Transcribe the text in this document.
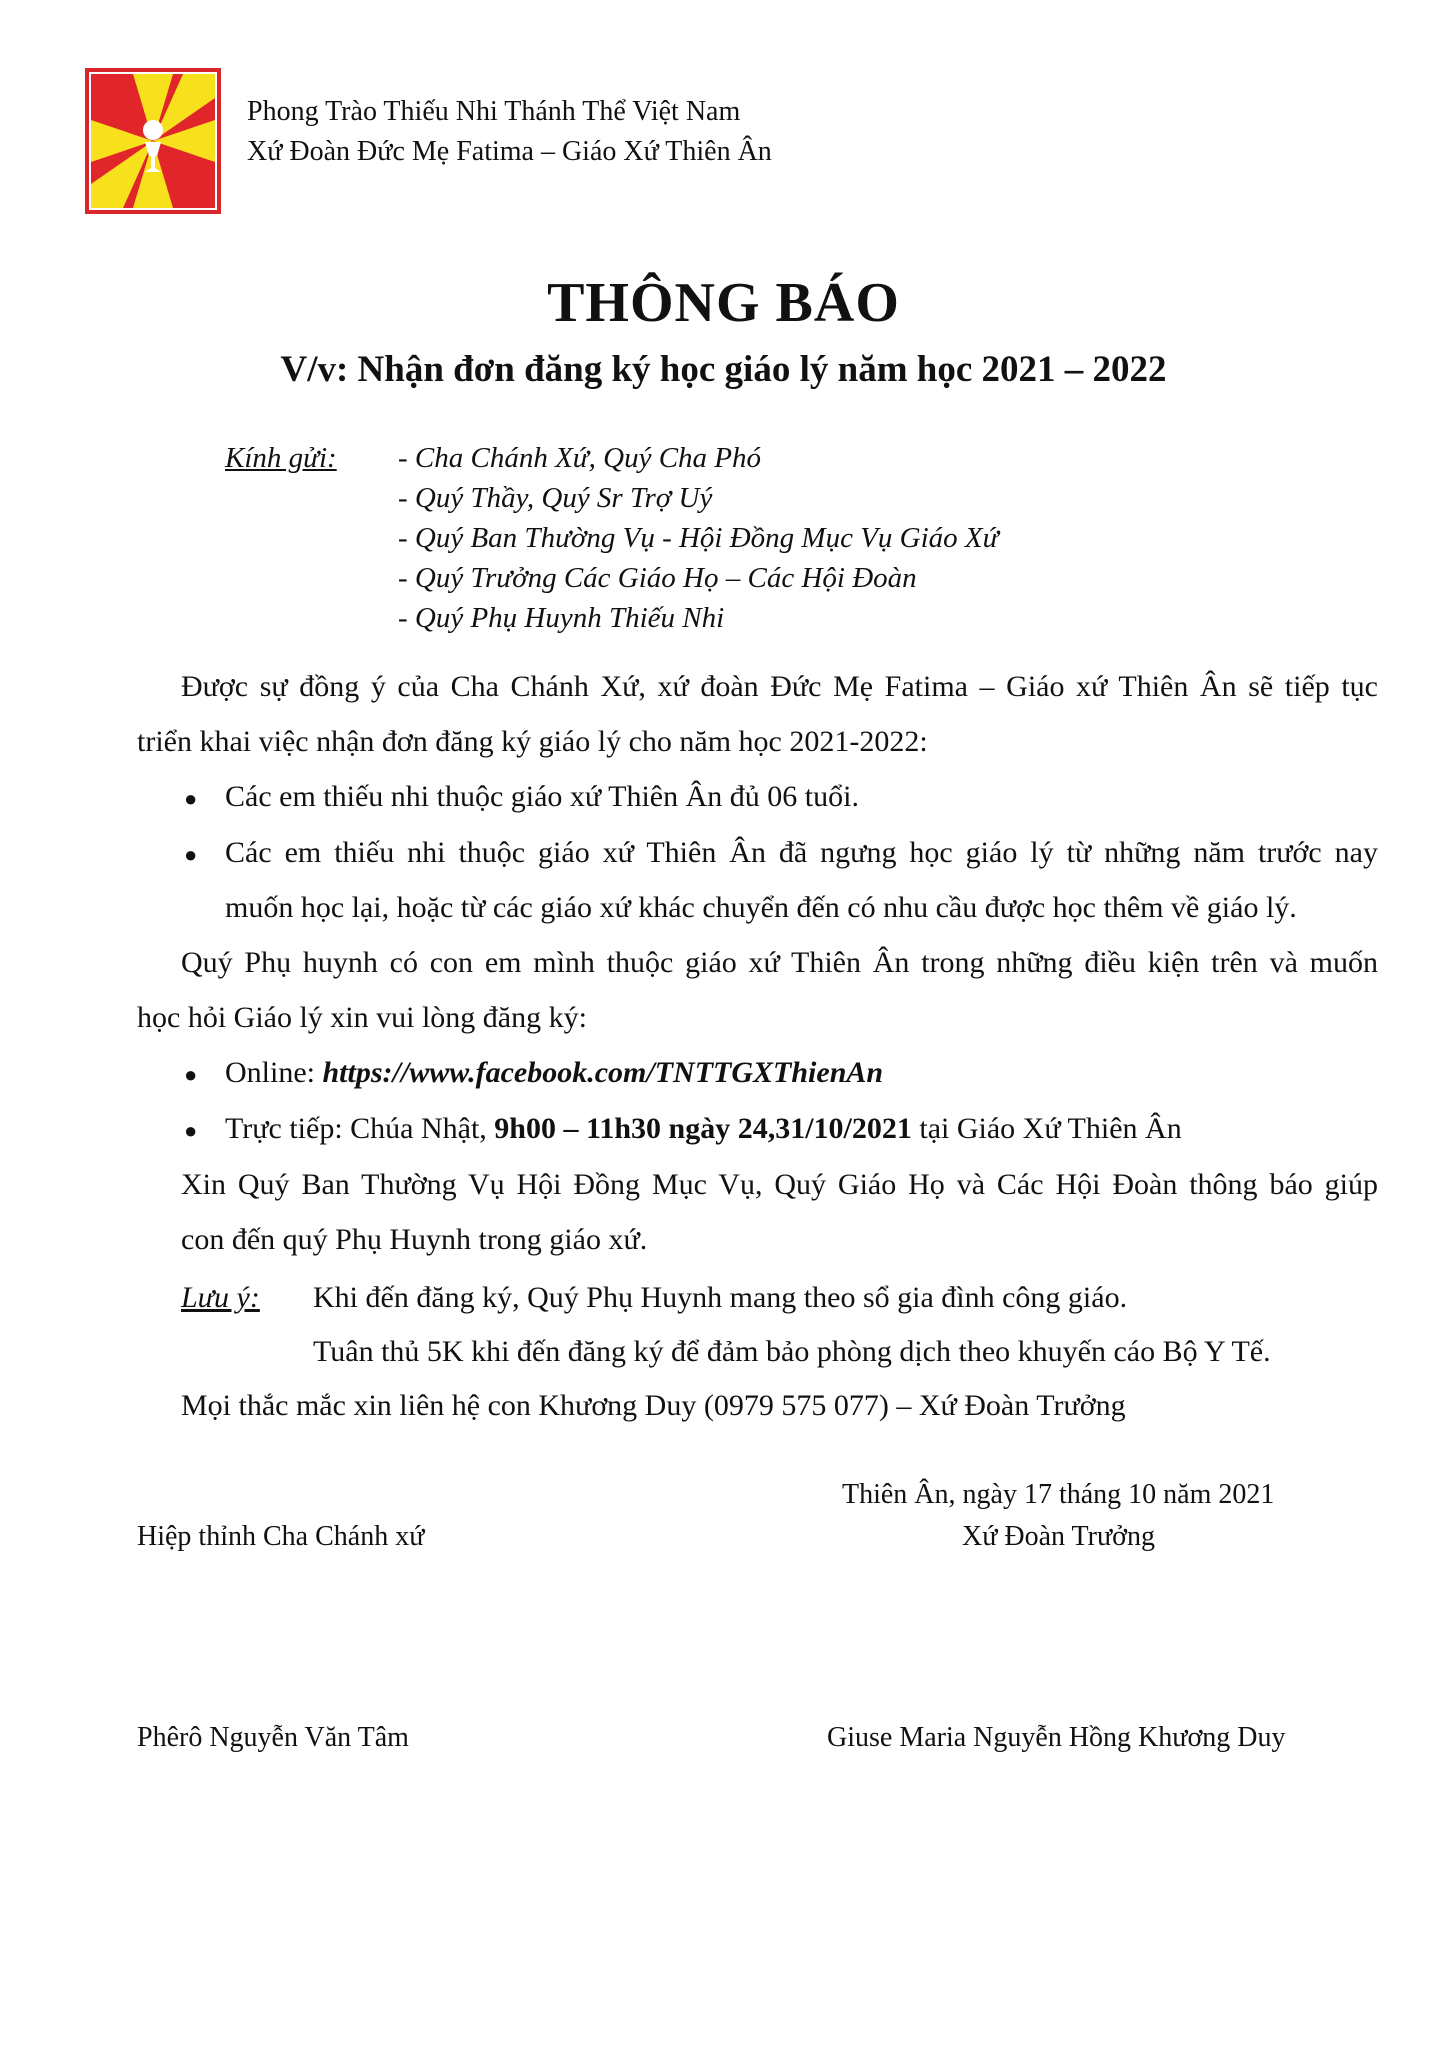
Phong Trào Thiếu Nhi Thánh Thể Việt Nam
Xứ Đoàn Đức Mẹ Fatima – Giáo Xứ Thiên Ân
THÔNG BÁO
V/v: Nhận đơn đăng ký học giáo lý năm học 2021 – 2022
Kính gửi: - Cha Chánh Xứ, Quý Cha Phó
- Quý Thầy, Quý Sr Trợ Uý
- Quý Ban Thường Vụ - Hội Đồng Mục Vụ Giáo Xứ
- Quý Trưởng Các Giáo Họ – Các Hội Đoàn
- Quý Phụ Huynh Thiếu Nhi
Được sự đồng ý của Cha Chánh Xứ, xứ đoàn Đức Mẹ Fatima – Giáo xứ Thiên Ân sẽ tiếp tục
triển khai việc nhận đơn đăng ký giáo lý cho năm học 2021-2022:
● Các em thiếu nhi thuộc giáo xứ Thiên Ân đủ 06 tuổi.
● Các em thiếu nhi thuộc giáo xứ Thiên Ân đã ngưng học giáo lý từ những năm trước nay
muốn học lại, hoặc từ các giáo xứ khác chuyển đến có nhu cầu được học thêm về giáo lý.
Quý Phụ huynh có con em mình thuộc giáo xứ Thiên Ân trong những điều kiện trên và muốn
học hỏi Giáo lý xin vui lòng đăng ký:
● Online: https://www.facebook.com/TNTTGXThienAn
● Trực tiếp: Chúa Nhật, 9h00 – 11h30 ngày 24,31/10/2021 tại Giáo Xứ Thiên Ân
Xin Quý Ban Thường Vụ Hội Đồng Mục Vụ, Quý Giáo Họ và Các Hội Đoàn thông báo giúp
con đến quý Phụ Huynh trong giáo xứ.
Lưu ý: Khi đến đăng ký, Quý Phụ Huynh mang theo sổ gia đình công giáo.
Tuân thủ 5K khi đến đăng ký để đảm bảo phòng dịch theo khuyến cáo Bộ Y Tế.
Mọi thắc mắc xin liên hệ con Khương Duy (0979 575 077) – Xứ Đoàn Trưởng
Thiên Ân, ngày 17 tháng 10 năm 2021
Hiệp thỉnh Cha Chánh xứ	Xứ Đoàn Trưởng
Phêrô Nguyễn Văn Tâm	Giuse Maria Nguyễn Hồng Khương Duy
